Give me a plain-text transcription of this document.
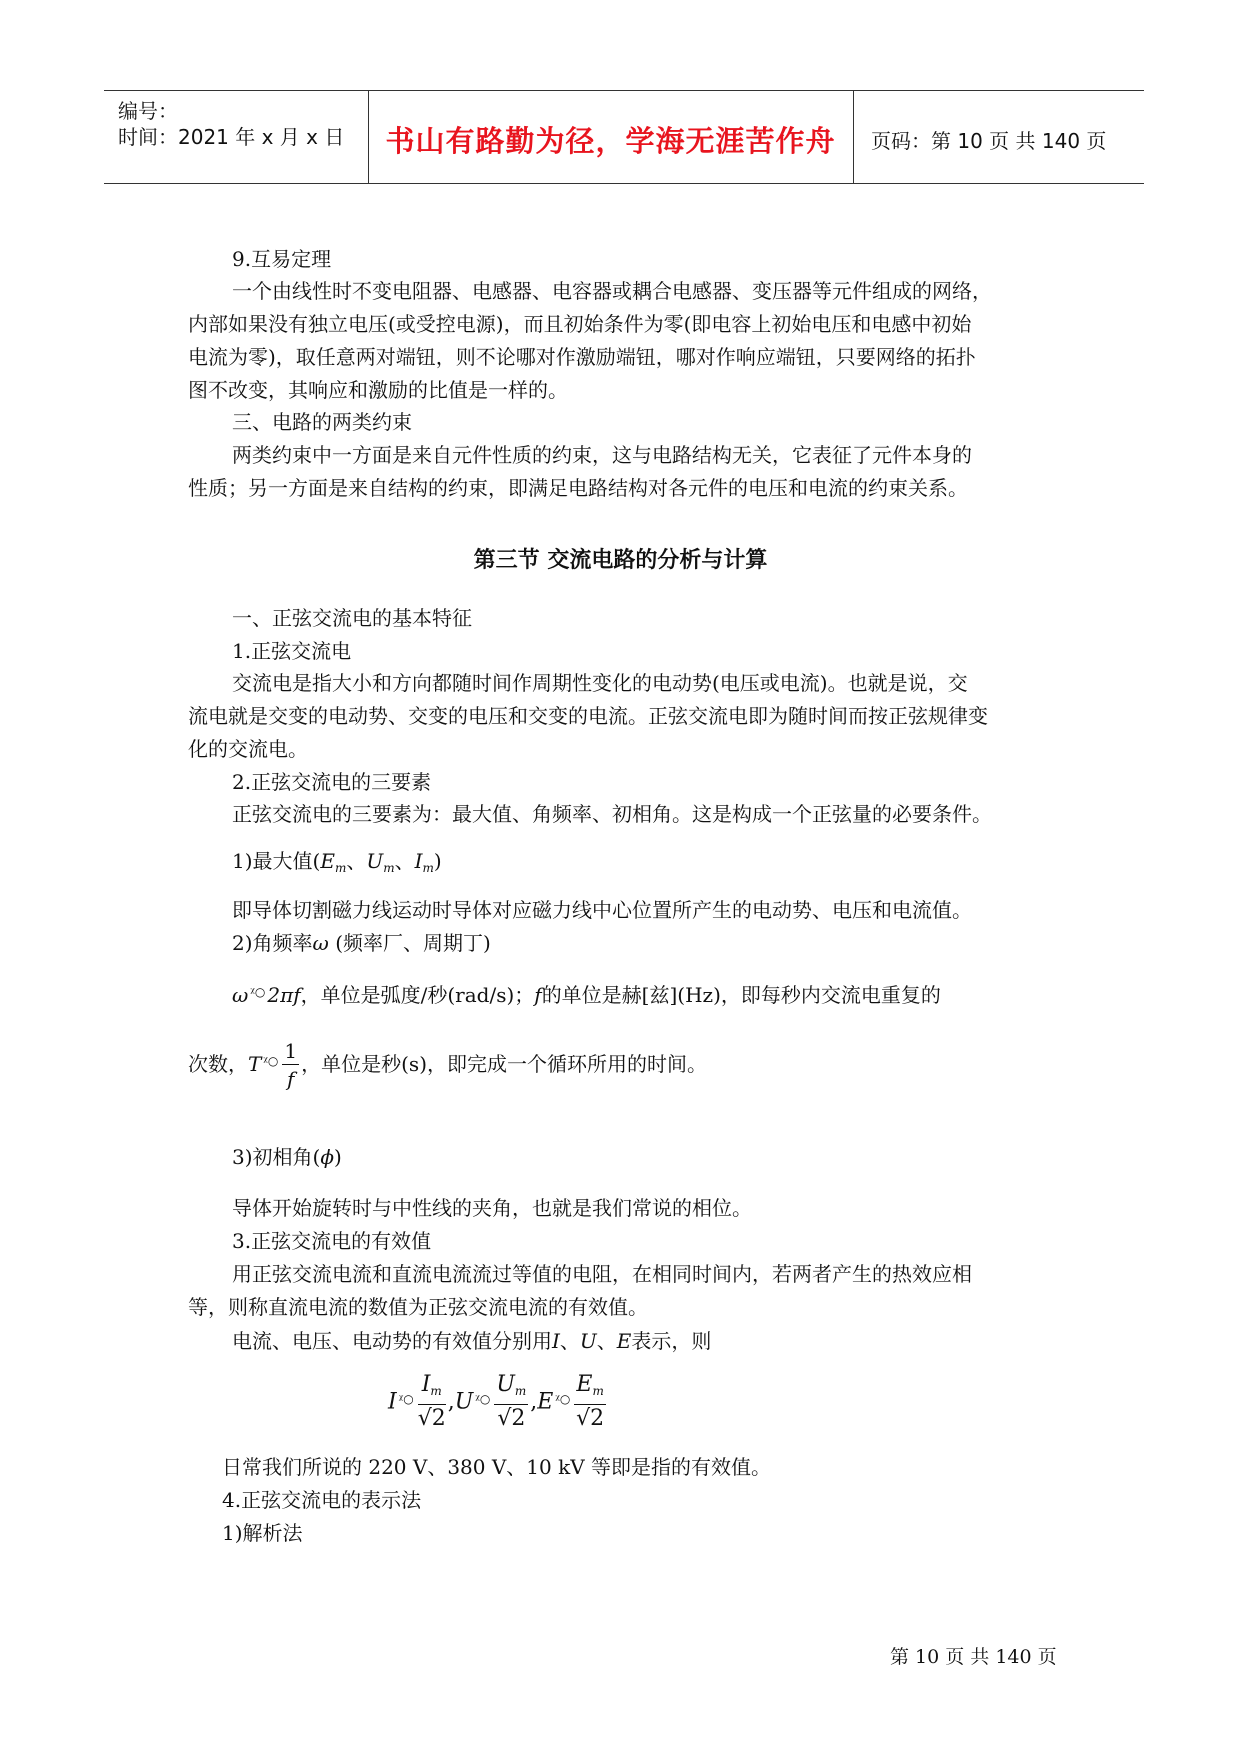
编号：
时间：2021 年 x 月 x 日	书山有路勤为径，学海无涯苦作舟	页码：第 10 页 共 140 页
9.互易定理
一个由线性时不变电阻器、电感器、电容器或耦合电感器、变压器等元件组成的网络，
内部如果没有独立电压(或受控电源)，而且初始条件为零(即电容上初始电压和电感中初始
电流为零)，取任意两对端钮，则不论哪对作激励端钮，哪对作响应端钮，只要网络的拓扑
图不改变，其响应和激励的比值是一样的。
三、电路的两类约束
两类约束中一方面是来自元件性质的约束，这与电路结构无关，它表征了元件本身的
性质；另一方面是来自结构的约束，即满足电路结构对各元件的电压和电流的约束关系。
第三节 交流电路的分析与计算
一、正弦交流电的基本特征
1.正弦交流电
交流电是指大小和方向都随时间作周期性变化的电动势(电压或电流)。也就是说，交
流电就是交变的电动势、交变的电压和交变的电流。正弦交流电即为随时间而按正弦规律变
化的交流电。
2.正弦交流电的三要素
正弦交流电的三要素为：最大值、角频率、初相角。这是构成一个正弦量的必要条件。
1)最大值($E_m$、$U_m$、$I_m$)
即导体切割磁力线运动时导体对应磁力线中心位置所产生的电动势、电压和电流值。
2)角频率ω (频率厂、周期丁)
ω $^{ᵡ○}$ 2πf，单位是弧度/秒(rad/s)；f的单位是赫[兹](Hz)，即每秒内交流电重复的
次数，T $^{ᵡ○} \frac{1}{f}$ ，单位是秒(s)，即完成一个循环所用的时间。
3)初相角(ϕ)
导体开始旋转时与中性线的夹角，也就是我们常说的相位。
3.正弦交流电的有效值
用正弦交流电流和直流电流流过等值的电阻，在相同时间内，若两者产生的热效应相
等，则称直流电流的数值为正弦交流电流的有效值。
电流、电压、电动势的有效值分别用I、U、E表示，则
I $^{ᵡ○} \frac{I_m}{√2} ,U$ $^{ᵡ○} \frac{U_m}{√2} ,E$ $^{ᵡ○} \frac{E_m}{√2}$
日常我们所说的 220 V、380 V、10 kV 等即是指的有效值。
4.正弦交流电的表示法
1)解析法
第 10 页 共 140 页
